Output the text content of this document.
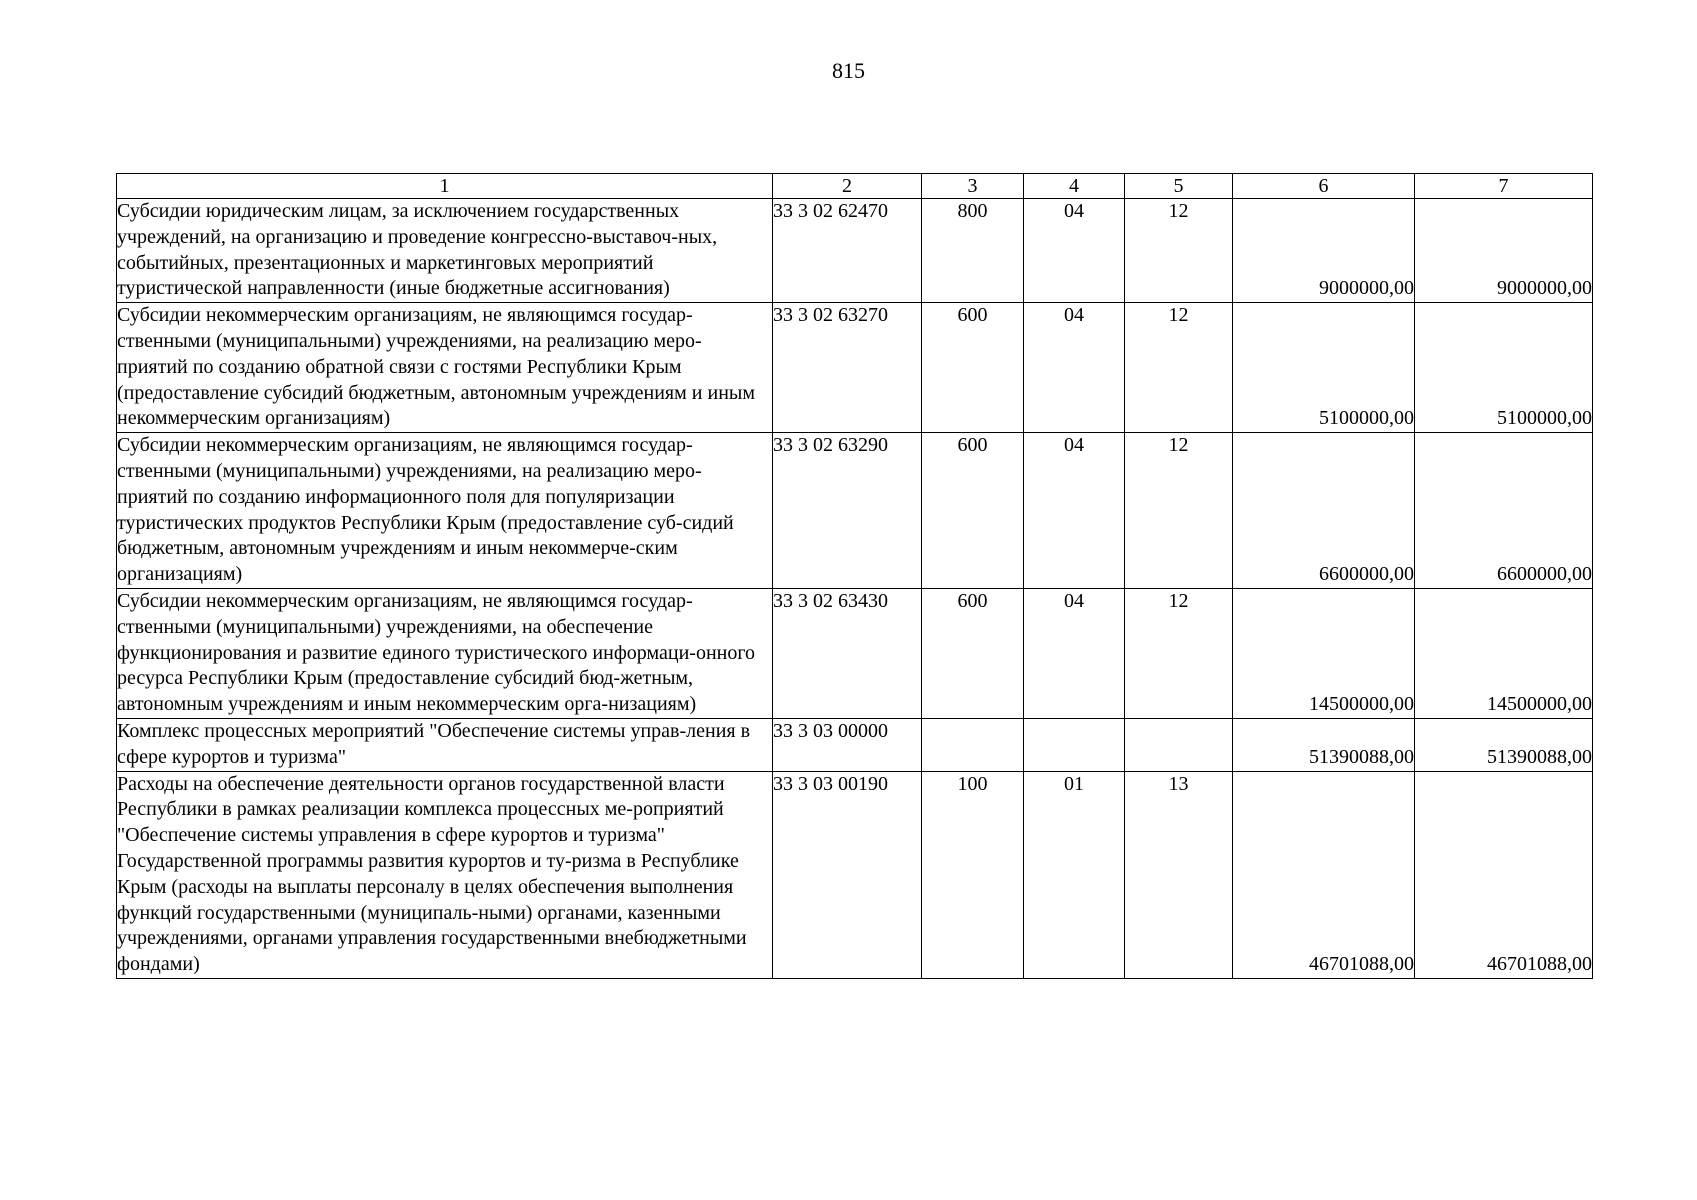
815
1	2	3	4	5	6	7
Субсидии юридическим лицам, за исключением государственных учреждений, на организацию и проведение конгрессно-выставоч-ных, событийных, презентационных и маркетинговых мероприятий туристической направленности (иные бюджетные ассигнования)	33 3 02 62470	800	04	12	9000000,00	9000000,00
Субсидии некоммерческим организациям, не являющимся государ-ственными (муниципальными) учреждениями, на реализацию меро-приятий по созданию обратной связи с гостями Республики Крым (предоставление субсидий бюджетным, автономным учреждениям и иным некоммерческим организациям)	33 3 02 63270	600	04	12	5100000,00	5100000,00
Субсидии некоммерческим организациям, не являющимся государ-ственными (муниципальными) учреждениями, на реализацию меро-приятий по созданию информационного поля для популяризации туристических продуктов Республики Крым (предоставление суб-сидий бюджетным, автономным учреждениям и иным некоммерче-ским организациям)	33 3 02 63290	600	04	12	6600000,00	6600000,00
Субсидии некоммерческим организациям, не являющимся государ-ственными (муниципальными) учреждениями, на обеспечение функционирования и развитие единого туристического информаци-онного ресурса Республики Крым (предоставление субсидий бюд-жетным, автономным учреждениям и иным некоммерческим орга-низациям)	33 3 02 63430	600	04	12	14500000,00	14500000,00
Комплекс процессных мероприятий "Обеспечение системы управ-ления в сфере курортов и туризма"	33 3 03 00000				51390088,00	51390088,00
Расходы на обеспечение деятельности органов государственной власти Республики в рамках реализации комплекса процессных ме-роприятий "Обеспечение системы управления в сфере курортов и туризма" Государственной программы развития курортов и ту-ризма в Республике Крым (расходы на выплаты персоналу в целях обеспечения выполнения функций государственными (муниципаль-ными) органами, казенными учреждениями, органами управления государственными внебюджетными фондами)	33 3 03 00190	100	01	13	46701088,00	46701088,00
